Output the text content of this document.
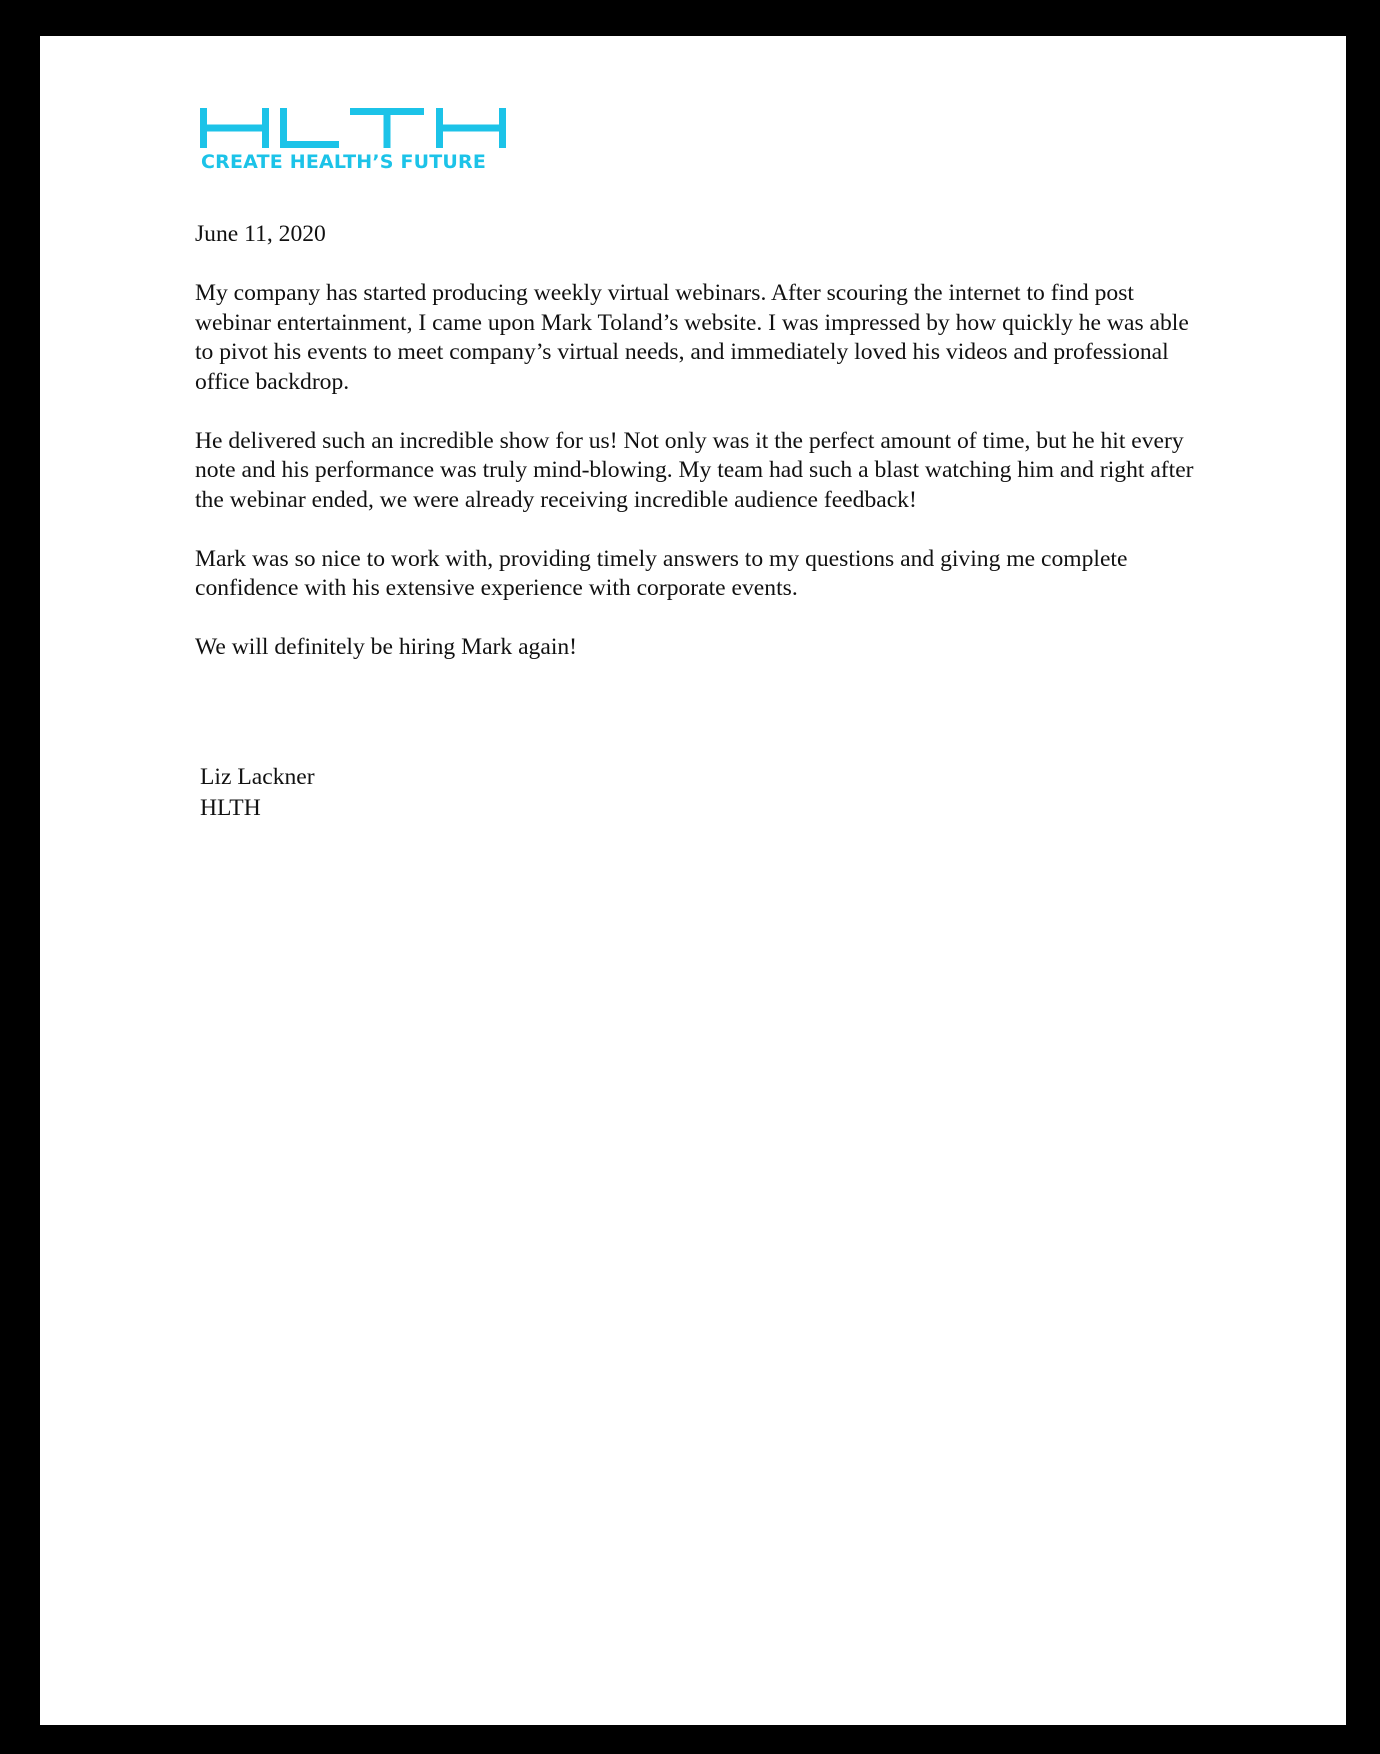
CREATE HEALTH’S FUTURE

June 11, 2020

My company has started producing weekly virtual webinars. After scouring the internet to find post webinar entertainment, I came upon Mark Toland’s website. I was impressed by how quickly he was able to pivot his events to meet company’s virtual needs, and immediately loved his videos and professional office backdrop.

He delivered such an incredible show for us! Not only was it the perfect amount of time, but he hit every note and his performance was truly mind-blowing. My team had such a blast watching him and right after the webinar ended, we were already receiving incredible audience feedback!

Mark was so nice to work with, providing timely answers to my questions and giving me complete confidence with his extensive experience with corporate events.

We will definitely be hiring Mark again!

Liz Lackner
HLTH
